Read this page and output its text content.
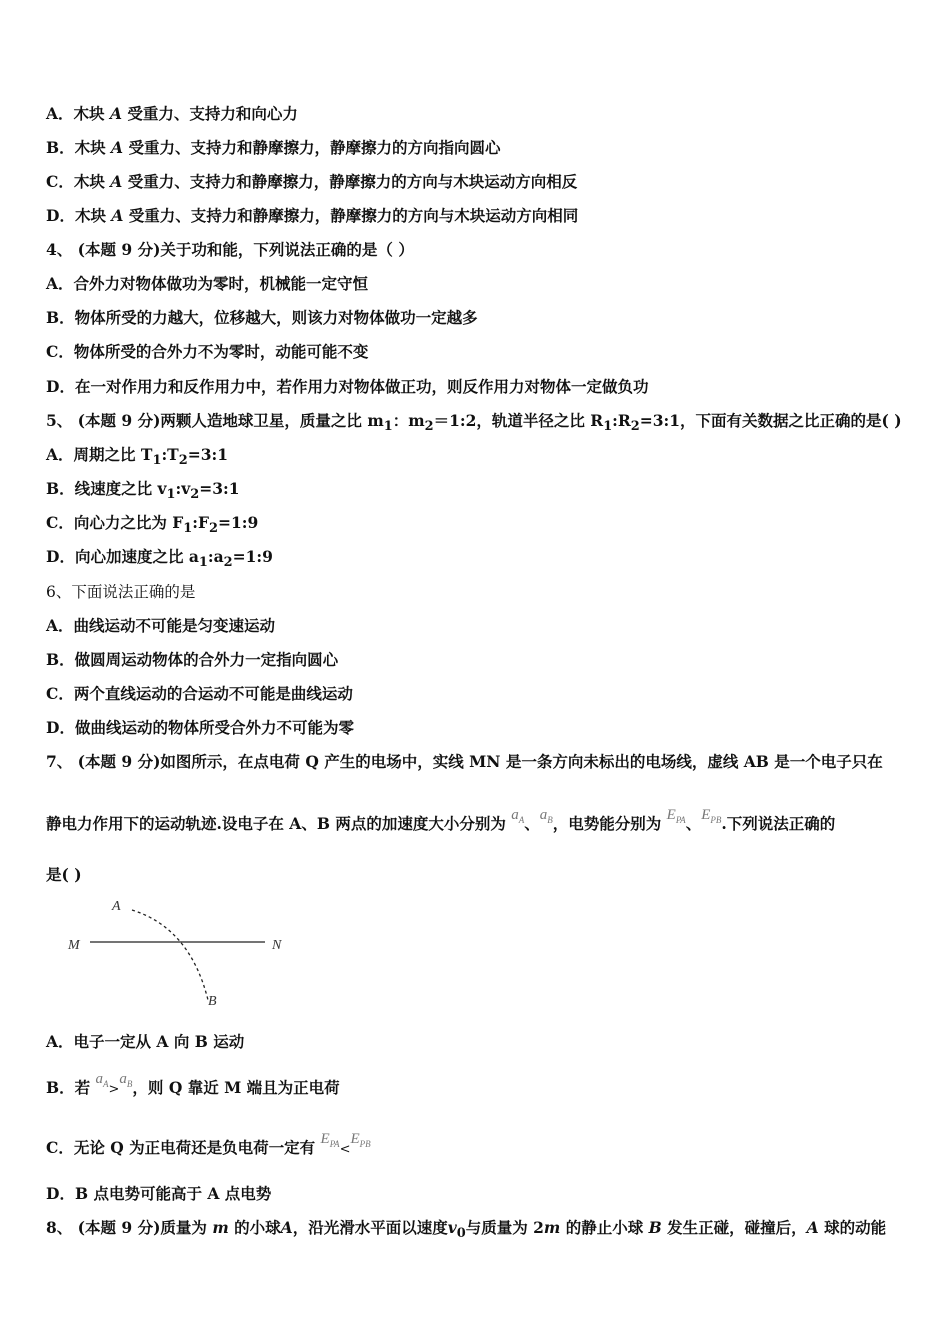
A．木块 A 受重力、支持力和向心力
B．木块 A 受重力、支持力和静摩擦力，静摩擦力的方向指向圆心
C．木块 A 受重力、支持力和静摩擦力，静摩擦力的方向与木块运动方向相反
D．木块 A 受重力、支持力和静摩擦力，静摩擦力的方向与木块运动方向相同
4、 (本题 9 分)关于功和能，下列说法正确的是（ ）
A．合外力对物体做功为零时，机械能一定守恒
B．物体所受的力越大，位移越大，则该力对物体做功一定越多
C．物体所受的合外力不为零时，动能可能不变
D．在一对作用力和反作用力中，若作用力对物体做正功，则反作用力对物体一定做负功
5、 (本题 9 分)两颗人造地球卫星，质量之比 $m_1$：$m_2=1:2$，轨道半径之比 $R_1:R_2=3:1$，下面有关数据之比正确的是( )
A．周期之比 $T_1:T_2=3:1$
B．线速度之比 $v_1:v_2=3:1$
C．向心力之比为 $F_1:F_2=1:9$
D．向心加速度之比 $a_1:a_2=1:9$
6、下面说法正确的是
A．曲线运动不可能是匀变速运动
B．做圆周运动物体的合外力一定指向圆心
C．两个直线运动的合运动不可能是曲线运动
D．做曲线运动的物体所受合外力不可能为零
7、 (本题 9 分)如图所示，在点电荷 Q 产生的电场中，实线 MN 是一条方向未标出的电场线，虚线 AB 是一个电子只在
静电力作用下的运动轨迹.设电子在 A、B 两点的加速度大小分别为 $a_A$、$a_B$，电势能分别为 $E_{PA}$、$E_{PB}$.下列说法正确的
是( )
A
B
M	N
A．电子一定从 A 向 B 运动
B．若 $a_A>a_B$，则 Q 靠近 M 端且为正电荷
C．无论 Q 为正电荷还是负电荷一定有 $E_{PA}<E_{PB}$
D．B 点电势可能高于 A 点电势
8、 (本题 9 分)质量为 m 的小球A，沿光滑水平面以速度$v_0$与质量为 2m 的静止小球 B 发生正碰，碰撞后，A 球的动能
